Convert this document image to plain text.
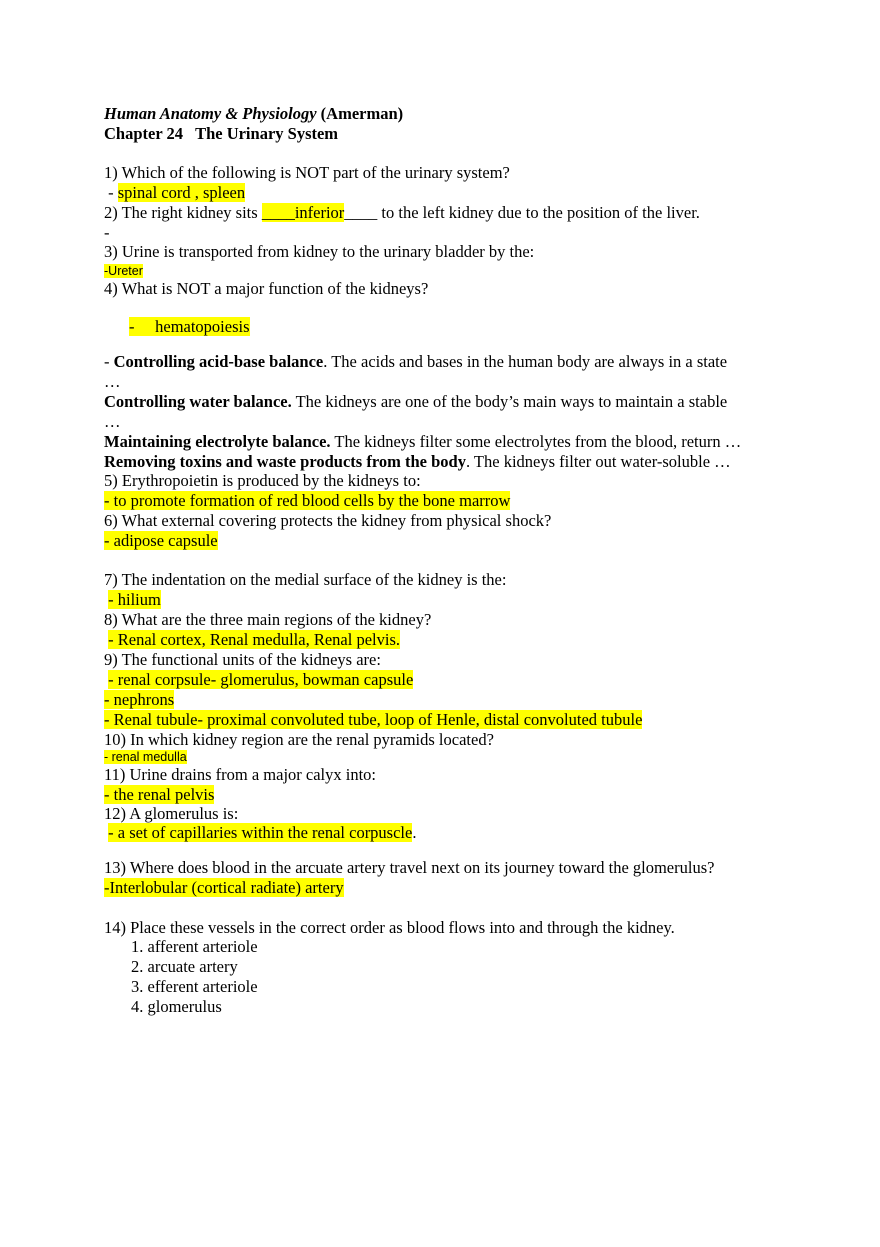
Human Anatomy & Physiology (Amerman)
Chapter 24   The Urinary System
1) Which of the following is NOT part of the urinary system?
- spinal cord , spleen
2) The right kidney sits ____inferior____ to the left kidney due to the position of the liver.
-
3) Urine is transported from kidney to the urinary bladder by the:
-Ureter
4) What is NOT a major function of the kidneys?
-     hematopoiesis
- Controlling acid-base balance. The acids and bases in the human body are always in a state
…
Controlling water balance. The kidneys are one of the body’s main ways to maintain a stable
…
Maintaining electrolyte balance. The kidneys filter some electrolytes from the blood, return …
Removing toxins and waste products from the body. The kidneys filter out water-soluble …
5) Erythropoietin is produced by the kidneys to:
- to promote formation of red blood cells by the bone marrow
6) What external covering protects the kidney from physical shock?
- adipose capsule
7) The indentation on the medial surface of the kidney is the:
- hilium
8) What are the three main regions of the kidney?
- Renal cortex, Renal medulla, Renal pelvis.
9) The functional units of the kidneys are:
- renal corpsule- glomerulus, bowman capsule
- nephrons
- Renal tubule- proximal convoluted tube, loop of Henle, distal convoluted tubule
10) In which kidney region are the renal pyramids located?
- renal medulla
11) Urine drains from a major calyx into:
- the renal pelvis
12) A glomerulus is:
- a set of capillaries within the renal corpuscle.
13) Where does blood in the arcuate artery travel next on its journey toward the glomerulus?
-Interlobular (cortical radiate) artery
14) Place these vessels in the correct order as blood flows into and through the kidney.
1. afferent arteriole
2. arcuate artery
3. efferent arteriole
4. glomerulus
